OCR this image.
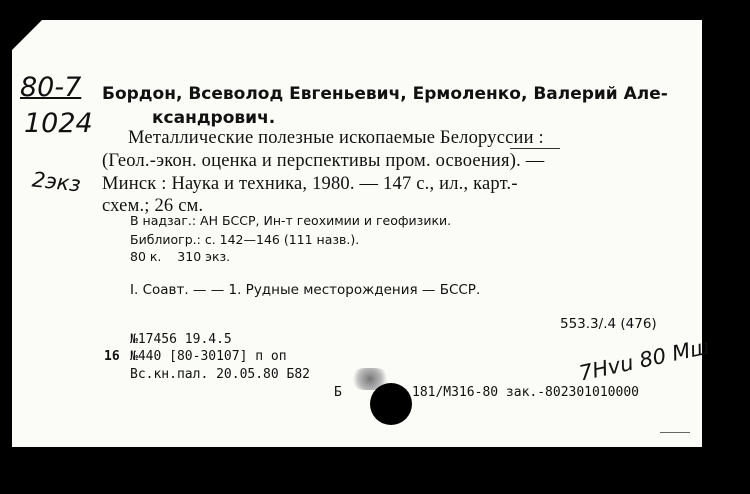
80-7
1024
2экз
Бордон, Всеволод Евгеньевич, Ермоленко, Валерий Але-
ксандрович.
Металлические полезные ископаемые Белоруссии :
(Геол.-экон. оценка и перспективы пром. освоения). —
Минск : Наука и техника, 1980. — 147 с., ил., карт.-
схем.; 26 см.
В надзаг.: АН БССР, Ин-т геохимии и геофизики.
Библиогр.: с. 142—146 (111 назв.).
80 к.    310 экз.
I. Соавт. — — 1. Рудные месторождения — БССР.
553.3/.4 (476)
№17456 19.4.5
16 №440 [80-30107] п оп
Вс.кн.пал. 20.05.80 Б82
Б	181/М316-80 зак.-802301010000
7Hvu 80 Мш
